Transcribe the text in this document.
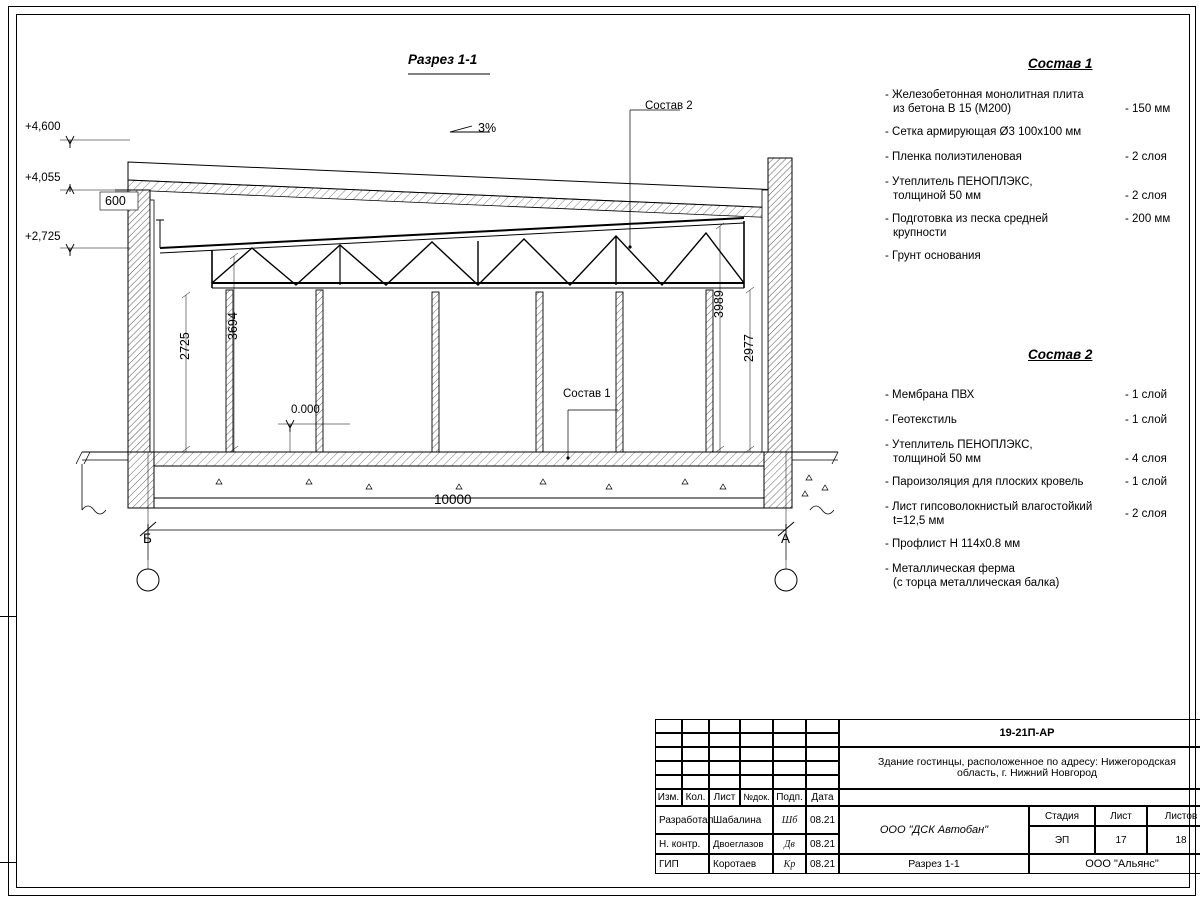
Разрез 1-1
Состав 2
Состав 1
3%
+4,600
+4,055
+2,725
0.000
600
10000
2725
3694
3989
2977
Б	А
Состав 1
- Железобетонная монолитная плита
из бетона В 15 (М200)	- 150 мм
- Сетка армирующая Ø3 100х100 мм
- Пленка полиэтиленовая	- 2 слоя
- Утеплитель ПЕНОПЛЭКС,
толщиной 50 мм	- 2 слоя
- Подготовка из песка средней
крупности
- 200 мм
- Грунт основания
Состав 2
- Мембрана ПВХ	- 1 слой
- Геотекстиль	- 1 слой
- Утеплитель ПЕНОПЛЭКС,
толщиной 50 мм	- 4 слоя
- Пароизоляция для плоских кровель	- 1 слой
- Лист гипсоволокнистый влагостойкий
t=12,5 мм
- 2 слоя
- Профлист Н 114х0.8 мм
- Металлическая ферма
(с торца металлическая балка)
Изм. Кол. Лист №док. Подп. Дата
Разработал Шабалина	Шб	08.21
Н. контр.	Двоеглазов	Дв	08.21
ГИП	Коротаев	Кр	08.21
19-21П-АР
Здание гостинцы, расположенное по адресу: Нижегородская
область, г. Нижний Новгород
ООО "ДСК Автобан"
Разрез 1-1
Стадия	Лист	Листов
ЭП	17	18
ООО "Альянс"
